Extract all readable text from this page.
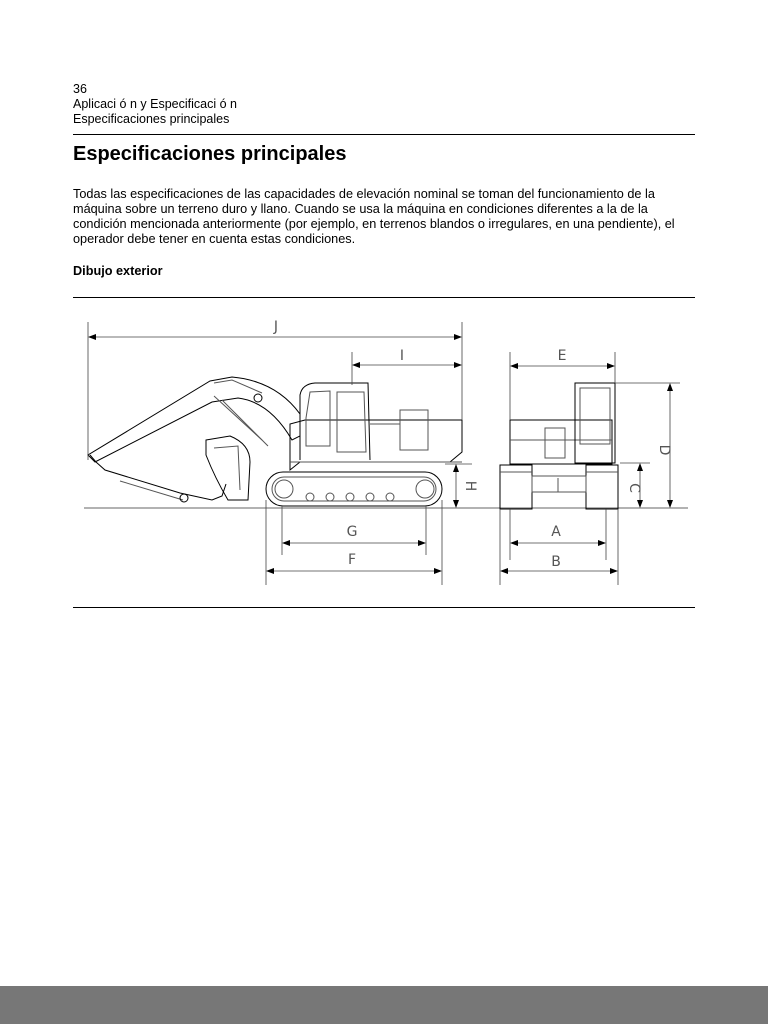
36
Aplicaci ó n y Especificaci ó n
Especificaciones principales
Especificaciones principales

Todas las especificaciones de las capacidades de elevación nominal se toman del funcionamiento de la máquina sobre un terreno duro y llano. Cuando se usa la máquina en condiciones diferentes a la de la condición mencionada anteriormente (por ejemplo, en terrenos blandos o irregulares, en una pendiente), el operador debe tener en cuenta estas condiciones.

Dibujo exterior
J
I
G
F
E
A
B
D
H	C
